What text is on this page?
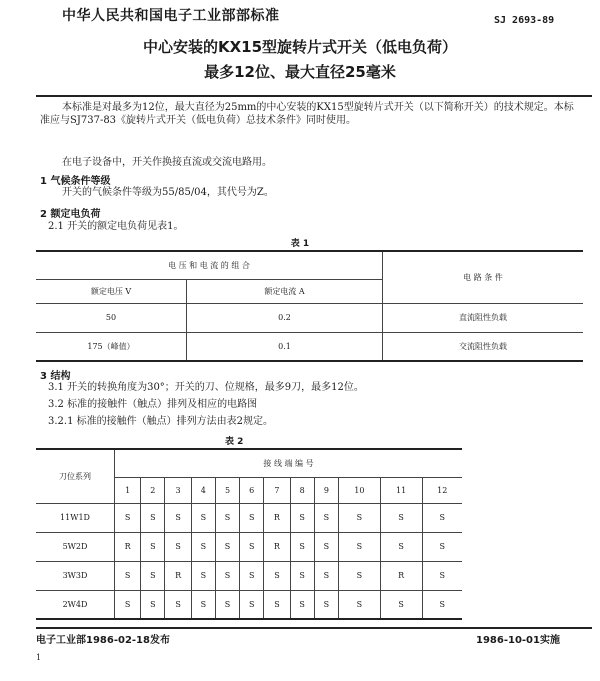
中华人民共和国电子工业部部标准	SJ 2693-89
中心安装的KX15型旋转片式开关（低电负荷）
最多12位、最大直径25毫米
本标准是对最多为12位，最大直径为25mm的中心安装的KX15型旋转片式开关（以下简称开关）的技术规定。本标准应与SJ737-83《旋转片式开关（低电负荷）总技术条件》同时使用。
在电子设备中，开关作换接直流或交流电路用。
1 气候条件等级
开关的气候条件等级为55/85/04，其代号为Z。
2 额定电负荷
2.1 开关的额定电负荷见表1。
表 1
电 压 和 电 流 的 组 合		电 路 条 件
额定电压 V	额定电流 A	
50	0.2	直流阻性负载
175（峰值）	0.1	交流阻性负载
3 结构
3.1 开关的转换角度为30°；开关的刀、位规格，最多9刀，最多12位。
3.2 标准的接触件（触点）排列及相应的电路图
3.2.1 标准的接触件（触点）排列方法由表2规定。
表 2
刀位系列	接 线 端 编 号											
	1	2	3	4	5	6	7	8	9	10	11	12
11W1D	S	S	S	S	S	S	R	S	S	S	S	S
5W2D	R	S	S	S	S	S	R	S	S	S	S	S
3W3D	S	S	R	S	S	S	S	S	S	S	R	S
2W4D	S	S	S	S	S	S	S	S	S	S	S	S
电子工业部1986-02-18发布	1986-10-01实施
1
